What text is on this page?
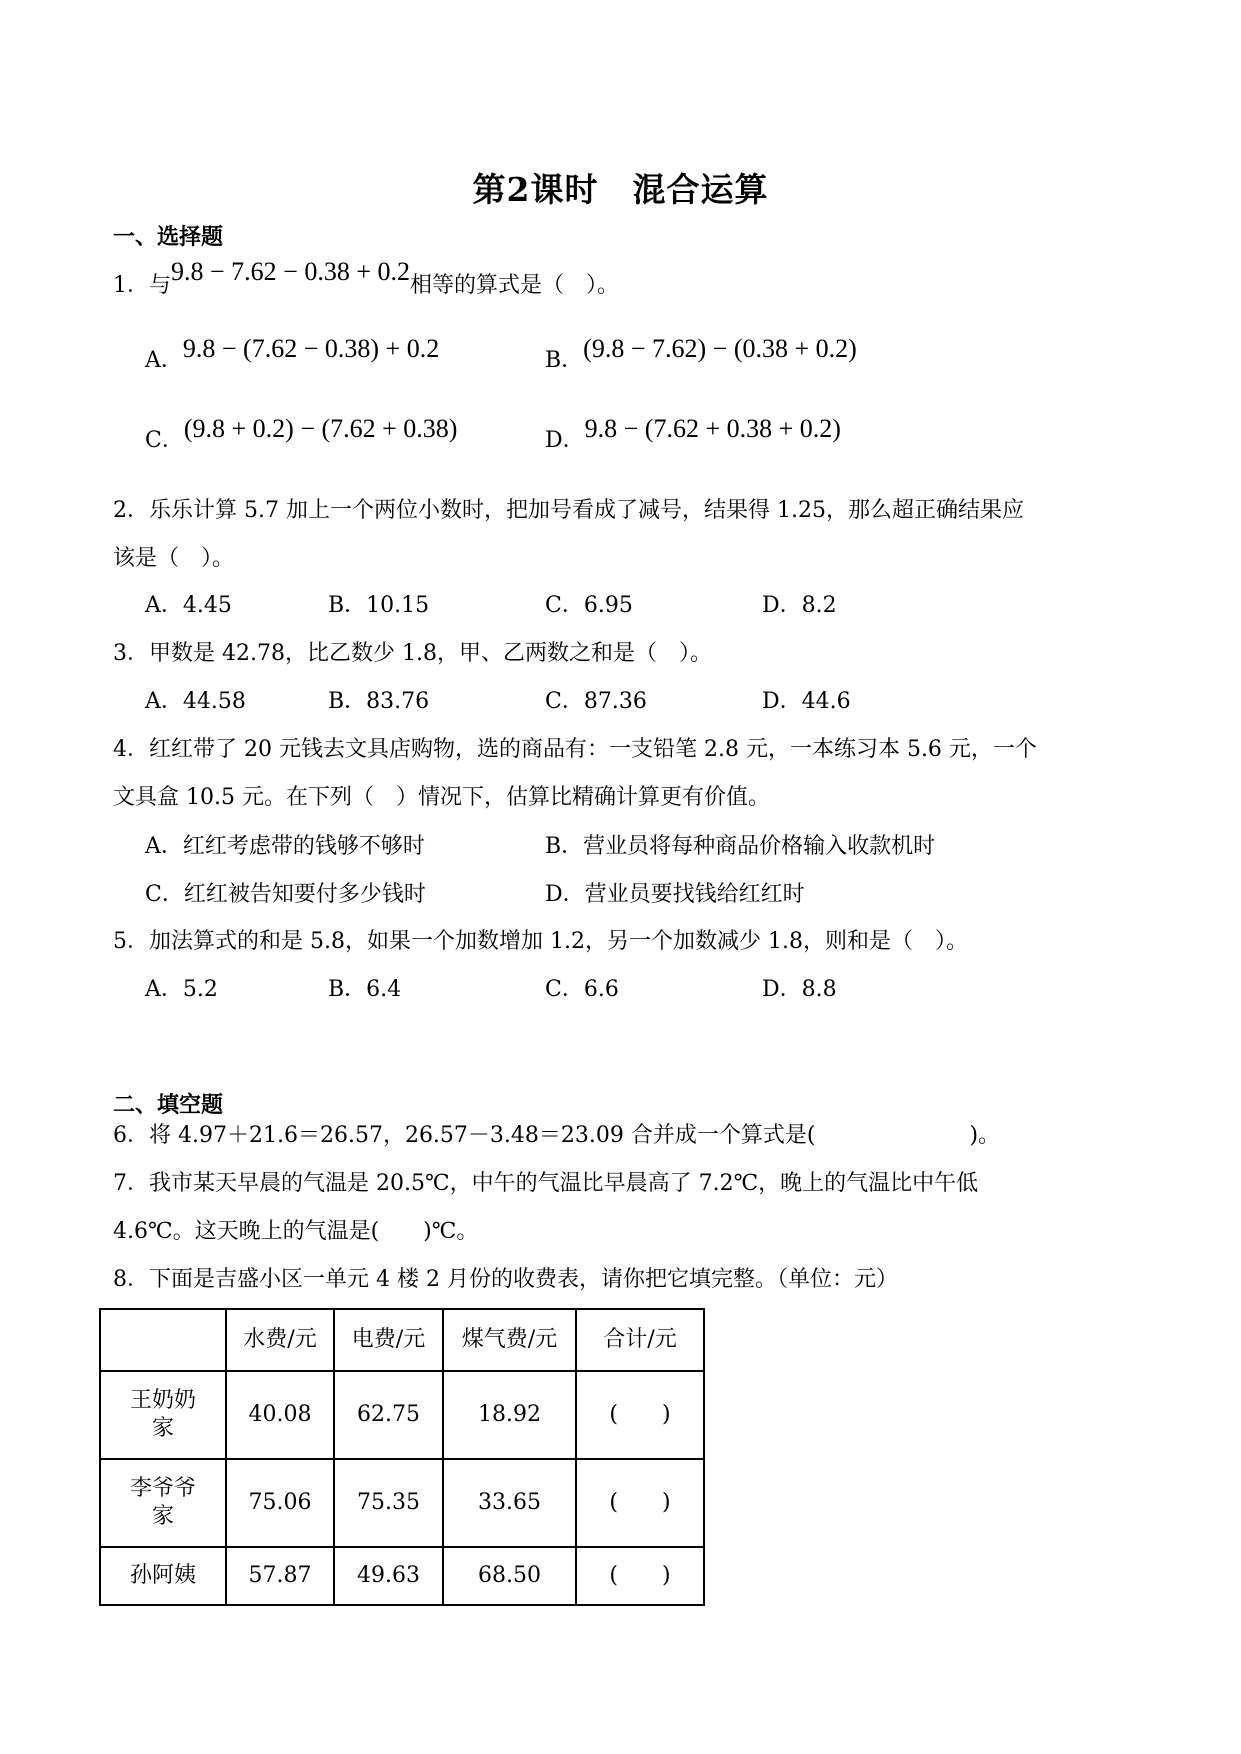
第2课时　混合运算
一、选择题
1．与9.8 − 7.62 − 0.38 + 0.2相等的算式是（　）。
A．9.8 − (7.62 − 0.38) + 0.2	B．(9.8 − 7.62) − (0.38 + 0.2)
C．(9.8 + 0.2) − (7.62 + 0.38)	D．9.8 − (7.62 + 0.38 + 0.2)
2．乐乐计算 5.7 加上一个两位小数时，把加号看成了减号，结果得 1.25，那么超正确结果应
该是（　）。
A．4.45	B．10.15	C．6.95	D．8.2
3．甲数是 42.78，比乙数少 1.8，甲、乙两数之和是（　）。
A．44.58	B．83.76	C．87.36	D．44.6
4．红红带了 20 元钱去文具店购物，选的商品有：一支铅笔 2.8 元，一本练习本 5.6 元，一个
文具盒 10.5 元。在下列（　）情况下，估算比精确计算更有价值。
A．红红考虑带的钱够不够时	B．营业员将每种商品价格输入收款机时
C．红红被告知要付多少钱时	D．营业员要找钱给红红时
5．加法算式的和是 5.8，如果一个加数增加 1.2，另一个加数减少 1.8，则和是（　）。
A．5.2	B．6.4	C．6.6	D．8.8
二、填空题
6．将 4.97＋21.6＝26.57，26.57－3.48＝23.09 合并成一个算式是(　　　　　　　)。
7．我市某天早晨的气温是 20.5℃，中午的气温比早晨高了 7.2℃，晚上的气温比中午低
4.6℃。这天晚上的气温是(　　)℃。
8．下面是吉盛小区一单元 4 楼 2 月份的收费表，请你把它填完整。（单位：元）
	水费/元	电费/元	煤气费/元	合计/元
王奶奶
家	40.08	62.75	18.92	(　　)
李爷爷
家	75.06	75.35	33.65	(　　)
孙阿姨	57.87	49.63	68.50	(　　)
